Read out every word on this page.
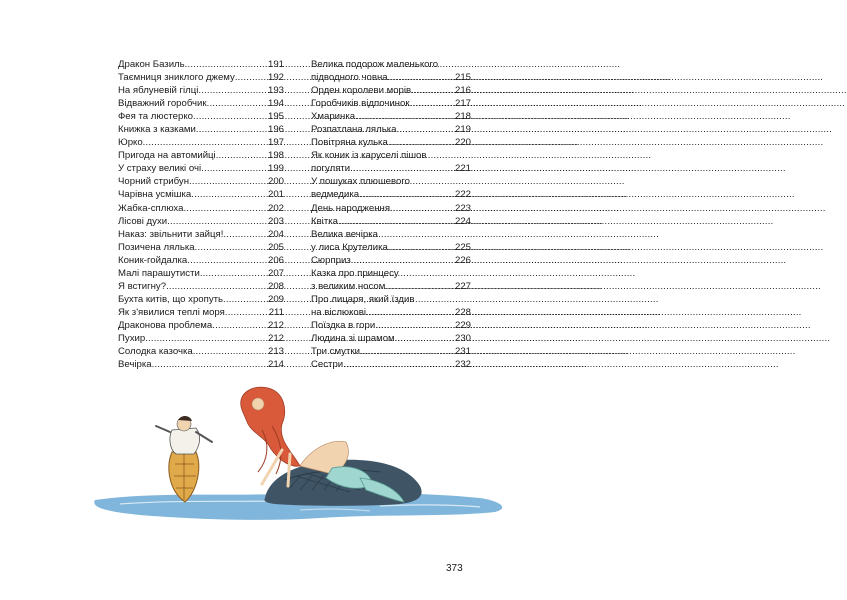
Дракон Базиль .....	191
Таємниця зниклого джему .....	192
На яблуневій гілці .....	193
Відважний горобчик .....	194
Фея та люстерко .....	195
Книжка з казками .....	196
Юрко .....	197
Пригода на автомийці .....	198
У страху великі очі .....	199
Чорний стрибун .....	200
Чарівна усмішка .....	201
Жабка-сплюха .....	202
Лісові духи .....	203
Наказ: звільнити зайця! .....	204
Позичена лялька .....	205
Коник-гойдалка .....	206
Малі парашутисти .....	207
Я встигну? .....	208
Бухта китів, що хропуть .....	209
Як з'явилися теплі моря .....	211
Драконова проблема .....	212
Пухир .....	212
Солодка казочка .....	213
Вечірка .....	214
Велика подорож маленького
підводного човна .....	215
Орден королеви морів .....	216
Горобчиків відпочинок .....	217
Хмаринка .....	218
Розпатлана лялька .....	219
Повітряна кулька .....	220
Як коник із каруселі пішов
погуляти .....	221
У пошуках плюшевого
ведмедика .....	222
День народження .....	223
Квітка .....	224
Велика вечірка
у лиса Крутелика .....	225
Сюрприз .....	226
Казка про принцесу
з великим носом .....	227
Про лицаря, який їздив
на віслюкові .....	228
Поїздка в гори .....	229
Людина зі шрамом .....	230
Три смутки .....	231
Сестри .....	232
373
